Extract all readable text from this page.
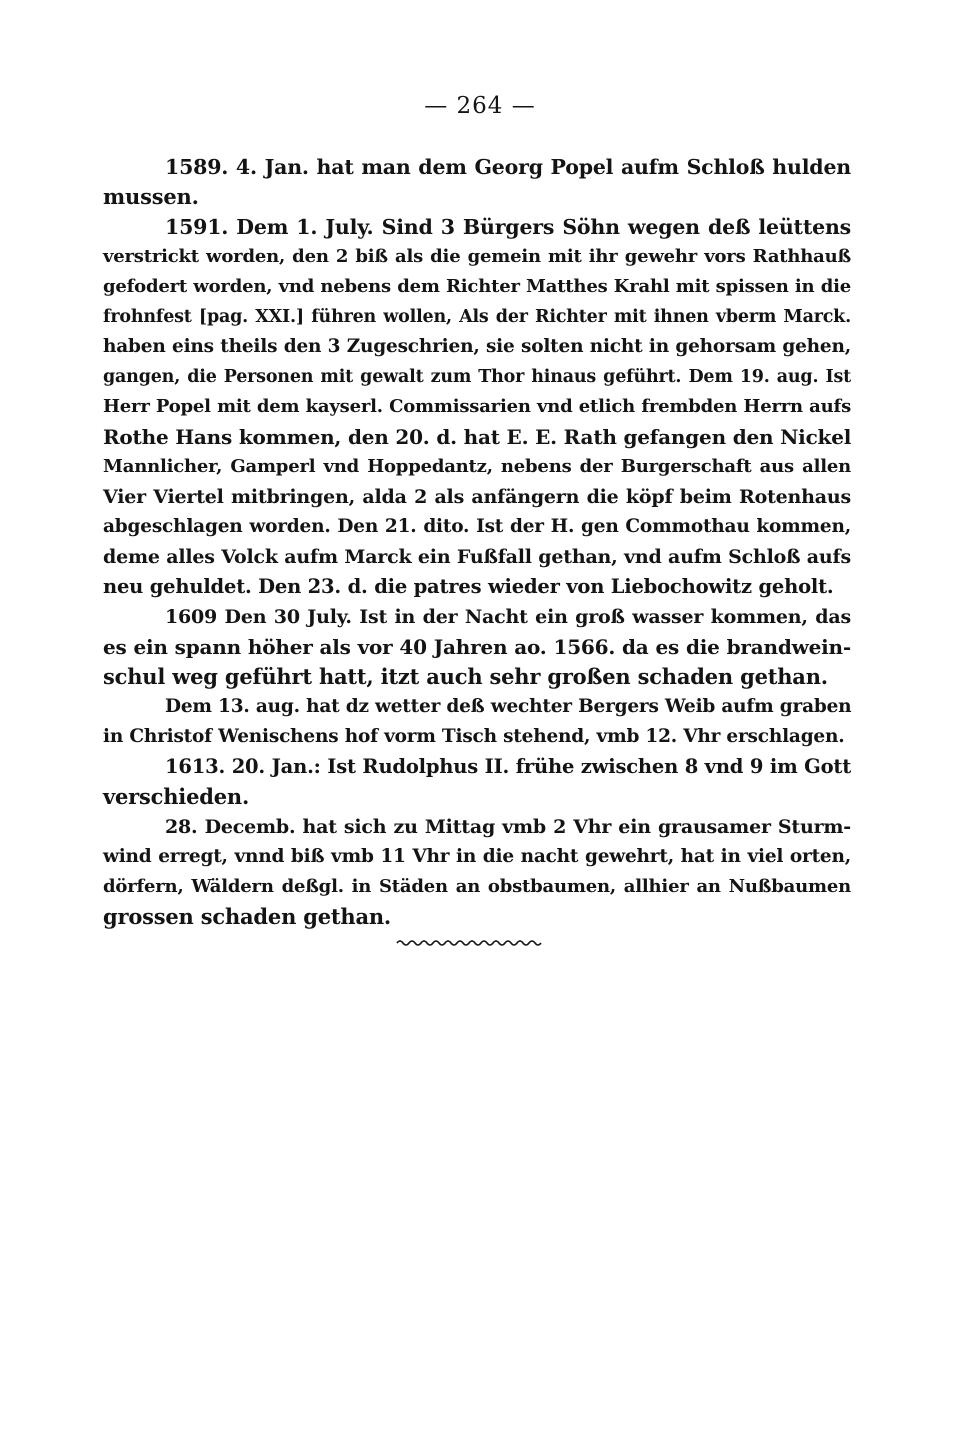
— 264 —
1589. 4. Jan. hat man dem Georg Popel aufm Schloß hulden
mussen.
1591. Dem 1. July. Sind 3 Bürgers Söhn wegen deß leüttens
verstrickt worden, den 2 biß als die gemein mit ihr gewehr vors Rathhauß
gefodert worden, vnd nebens dem Richter Matthes Krahl mit spissen in die
frohnfest [pag. XXI.] führen wollen, Als der Richter mit ihnen vberm Marck.
haben eins theils den 3 Zugeschrien, sie solten nicht in gehorsam gehen,
gangen, die Personen mit gewalt zum Thor hinaus geführt. Dem 19. aug. Ist
Herr Popel mit dem kayserl. Commissarien vnd etlich frembden Herrn aufs
Rothe Hans kommen, den 20. d. hat E. E. Rath gefangen den Nickel
Mannlicher, Gamperl vnd Hoppedantz, nebens der Burgerschaft aus allen
Vier Viertel mitbringen, alda 2 als anfängern die köpf beim Rotenhaus
abgeschlagen worden. Den 21. dito. Ist der H. gen Commothau kommen,
deme alles Volck aufm Marck ein Fußfall gethan, vnd aufm Schloß aufs
neu gehuldet. Den 23. d. die patres wieder von Liebochowitz geholt.
1609 Den 30 July. Ist in der Nacht ein groß wasser kommen, das
es ein spann höher als vor 40 Jahren ao. 1566. da es die brandwein-
schul weg geführt hatt, itzt auch sehr großen schaden gethan.
Dem 13. aug. hat dz wetter deß wechter Bergers Weib aufm graben
in Christof Wenischens hof vorm Tisch stehend, vmb 12. Vhr erschlagen.
1613. 20. Jan.: Ist Rudolphus II. frühe zwischen 8 vnd 9 im Gott
verschieden.
28. Decemb. hat sich zu Mittag vmb 2 Vhr ein grausamer Sturm-
wind erregt, vnnd biß vmb 11 Vhr in die nacht gewehrt, hat in viel orten,
dörfern, Wäldern deßgl. in Städen an obstbaumen, allhier an Nußbaumen
grossen schaden gethan.
